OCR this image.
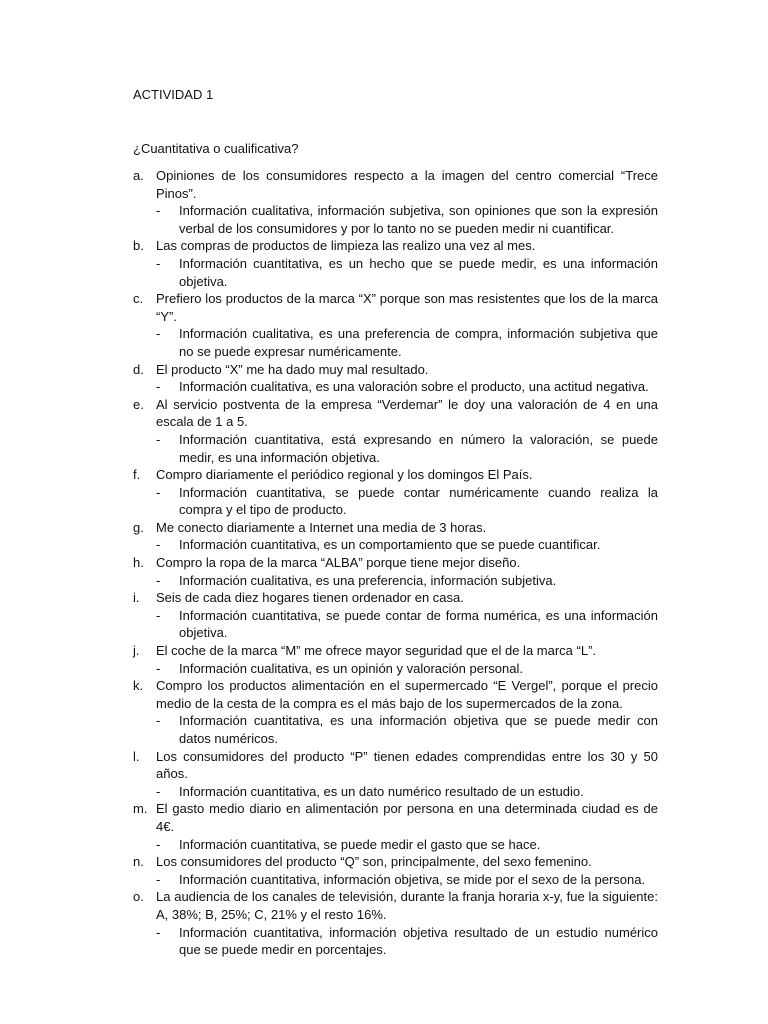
ACTIVIDAD 1

¿Cuantitativa o cualificativa?

a. Opiniones de los consumidores respecto a la imagen del centro comercial “Trece Pinos”.
- Información cualitativa, información subjetiva, son opiniones que son la expresión verbal de los consumidores y por lo tanto no se pueden medir ni cuantificar.
b. Las compras de productos de limpieza las realizo una vez al mes.
- Información cuantitativa, es un hecho que se puede medir, es una información objetiva.
c. Prefiero los productos de la marca “X” porque son mas resistentes que los de la marca “Y”.
- Información cualitativa, es una preferencia de compra, información subjetiva que no se puede expresar numéricamente.
d. El producto “X” me ha dado muy mal resultado.
- Información cualitativa, es una valoración sobre el producto, una actitud negativa.
e. Al servicio postventa de la empresa “Verdemar” le doy una valoración de 4 en una escala de 1 a 5.
- Información cuantitativa, está expresando en número la valoración, se puede medir, es una información objetiva.
f. Compro diariamente el periódico regional y los domingos El País.
- Información cuantitativa, se puede contar numéricamente cuando realiza la compra y el tipo de producto.
g. Me conecto diariamente a Internet una media de 3 horas.
- Información cuantitativa, es un comportamiento que se puede cuantificar.
h. Compro la ropa de la marca “ALBA” porque tiene mejor diseño.
- Información cualitativa, es una preferencia, información subjetiva.
i. Seis de cada diez hogares tienen ordenador en casa.
- Información cuantitativa, se puede contar de forma numérica, es una información objetiva.
j. El coche de la marca “M” me ofrece mayor seguridad que el de la marca “L”.
- Información cualitativa, es un opinión y valoración personal.
k. Compro los productos alimentación en el supermercado “E Vergel”, porque el precio medio de la cesta de la compra es el más bajo de los supermercados de la zona.
- Información cuantitativa, es una información objetiva que se puede medir con datos numéricos.
l. Los consumidores del producto “P” tienen edades comprendidas entre los 30 y 50 años.
- Información cuantitativa, es un dato numérico resultado de un estudio.
m. El gasto medio diario en alimentación por persona en una determinada ciudad es de 4€.
- Información cuantitativa, se puede medir el gasto que se hace.
n. Los consumidores del producto “Q” son, principalmente, del sexo femenino.
- Información cuantitativa, información objetiva, se mide por el sexo de la persona.
o. La audiencia de los canales de televisión, durante la franja horaria x-y, fue la siguiente: A, 38%; B, 25%; C, 21% y el resto 16%.
- Información cuantitativa, información objetiva resultado de un estudio numérico que se puede medir en porcentajes.
